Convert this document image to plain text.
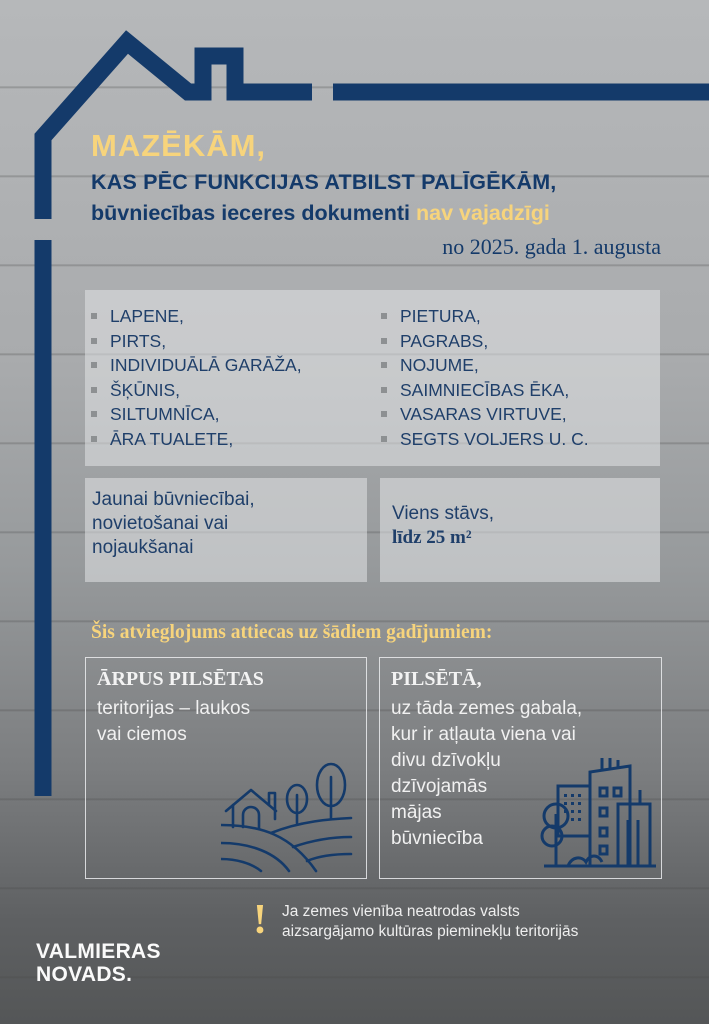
MAZĒKĀM,
KAS PĒC FUNKCIJAS ATBILST PALĪGĒKĀM,
būvniecības ieceres dokumenti nav vajadzīgi
no 2025. gada 1. augusta
LAPENE,
PIRTS,
INDIVIDUĀLĀ GARĀŽA,
ŠĶŪNIS,
SILTUMNĪCA,
ĀRA TUALETE,
PIETURA,
PAGRABS,
NOJUME,
SAIMNIECĪBAS ĒKA,
VASARAS VIRTUVE,
SEGTS VOLJERS U. C.
Jaunai būvniecībai,
novietošanai vai
nojaukšanai
Viens stāvs,
līdz 25 m²
Šis atvieglojums attiecas uz šādiem gadījumiem:
ĀRPUS PILSĒTAS
teritorijas – laukos
vai ciemos
PILSĒTĀ,
uz tāda zemes gabala,
kur ir atļauta viena vai
divu dzīvokļu
dzīvojamās
mājas
būvniecība
! Ja zemes vienība neatrodas valsts
aizsargājamo kultūras pieminekļu teritorijās
VALMIERAS
NOVADS.
